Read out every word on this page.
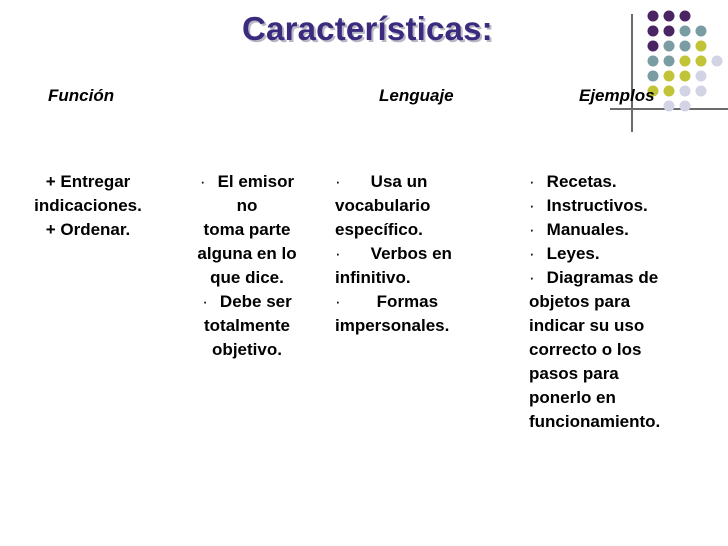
Características:
Función	Lenguaje	Ejemplos

+ Entregar

indicaciones.

+ Ordenar.

· El emisor

no

toma parte

alguna en lo

que dice.

· Debe ser

totalmente

objetivo.

· Usa un

vocabulario

específico.

· Verbos en

infinitivo.

· Formas

impersonales.

· Recetas.

· Instructivos.

· Manuales.

· Leyes.

· Diagramas de

objetos para

indicar su uso

correcto o los

pasos para

ponerlo en

funcionamiento.
